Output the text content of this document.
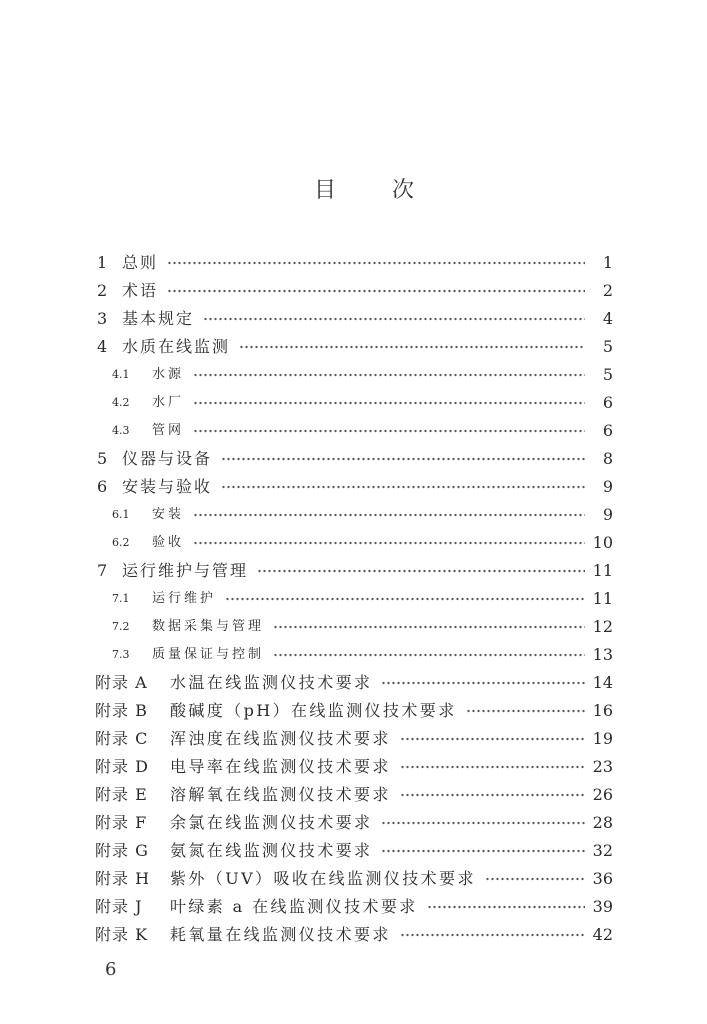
目　　次
1 总则	1
2 术语	2
3 基本规定	4
4 水质在线监测	5
4.1	水源	5
4.2	水厂	6
4.3	管网	6
5 仪器与设备	8
6 安装与验收	9
6.1	安装	9
6.2	验收	10
7 运行维护与管理	11
7.1	运行维护	11
7.2	数据采集与管理	12
7.3	质量保证与控制	13
附录 A	水温在线监测仪技术要求	14
附录 B	酸碱度（pH）在线监测仪技术要求	16
附录 C	浑浊度在线监测仪技术要求	19
附录 D	电导率在线监测仪技术要求	23
附录 E	溶解氧在线监测仪技术要求	26
附录 F	余氯在线监测仪技术要求	28
附录 G	氨氮在线监测仪技术要求	32
附录 H	紫外（UV）吸收在线监测仪技术要求	36
附录 J	叶绿素 a 在线监测仪技术要求	39
附录 K	耗氧量在线监测仪技术要求	42
6
